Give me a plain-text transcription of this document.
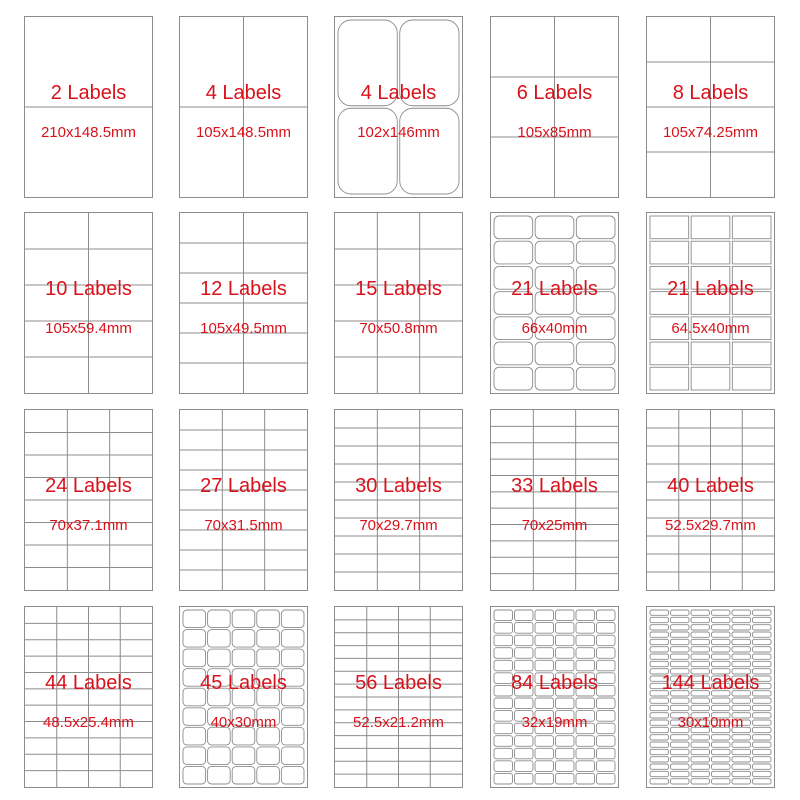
2 Labels
210x148.5mm
4 Labels
105x148.5mm
4 Labels
102x146mm
6 Labels
105x85mm
8 Labels
105x74.25mm
10 Labels
105x59.4mm
12 Labels
105x49.5mm
15 Labels
70x50.8mm
21 Labels
66x40mm
21 Labels
64.5x40mm
24 Labels
70x37.1mm
27 Labels
70x31.5mm
30 Labels
70x29.7mm
33 Labels
70x25mm
40 Labels
52.5x29.7mm
44 Labels
48.5x25.4mm
45 Labels
40x30mm
56 Labels
52.5x21.2mm
84 Labels
32x19mm
144 Labels
30x10mm
